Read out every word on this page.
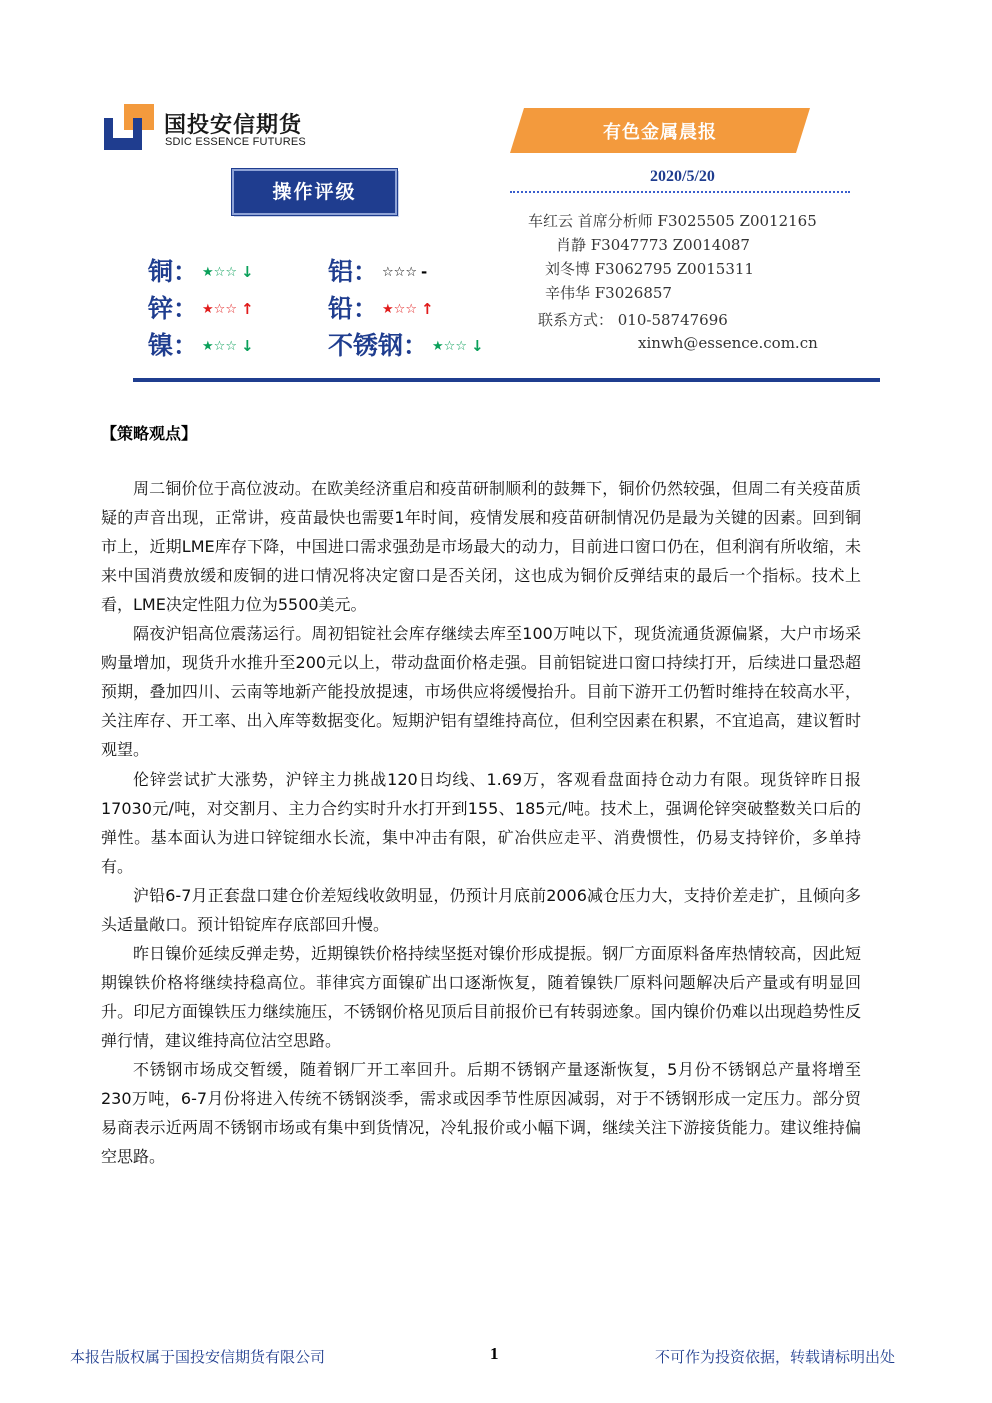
国投安信期货
SDIC ESSENCE FUTURES	有色金属晨报
2020/5/20
操作评级
铜： ★☆☆ ↓	铝： ☆☆☆ -
锌： ★☆☆ ↑	铅： ★☆☆ ↑
镍： ★☆☆ ↓	不锈钢： ★☆☆ ↓
车红云 首席分析师 F3025505 Z0012165
肖静 F3047773 Z0014087
刘冬博 F3062795 Z0015311
辛伟华 F3026857
联系方式： 010-58747696
xinwh@essence.com.cn
【策略观点】
周二铜价位于高位波动。在欧美经济重启和疫苗研制顺利的鼓舞下，铜价仍然较强，但周二有关疫苗质疑的声音出现，正常讲，疫苗最快也需要1年时间，疫情发展和疫苗研制情况仍是最为关键的因素。回到铜市上，近期LME库存下降，中国进口需求强劲是市场最大的动力，目前进口窗口仍在，但利润有所收缩，未来中国消费放缓和废铜的进口情况将决定窗口是否关闭，这也成为铜价反弹结束的最后一个指标。技术上看，LME决定性阻力位为5500美元。
隔夜沪铝高位震荡运行。周初铝锭社会库存继续去库至100万吨以下，现货流通货源偏紧，大户市场采购量增加，现货升水推升至200元以上，带动盘面价格走强。目前铝锭进口窗口持续打开，后续进口量恐超预期，叠加四川、云南等地新产能投放提速，市场供应将缓慢抬升。目前下游开工仍暂时维持在较高水平，关注库存、开工率、出入库等数据变化。短期沪铝有望维持高位，但利空因素在积累，不宜追高，建议暂时观望。
伦锌尝试扩大涨势，沪锌主力挑战120日均线、1.69万，客观看盘面持仓动力有限。现货锌昨日报17030元/吨，对交割月、主力合约实时升水打开到155、185元/吨。技术上，强调伦锌突破整数关口后的弹性。基本面认为进口锌锭细水长流，集中冲击有限，矿冶供应走平、消费惯性，仍易支持锌价，多单持有。
沪铅6-7月正套盘口建仓价差短线收敛明显，仍预计月底前2006减仓压力大，支持价差走扩，且倾向多头适量敞口。预计铅锭库存底部回升慢。
昨日镍价延续反弹走势，近期镍铁价格持续坚挺对镍价形成提振。钢厂方面原料备库热情较高，因此短期镍铁价格将继续持稳高位。菲律宾方面镍矿出口逐渐恢复，随着镍铁厂原料问题解决后产量或有明显回升。印尼方面镍铁压力继续施压，不锈钢价格见顶后目前报价已有转弱迹象。国内镍价仍难以出现趋势性反弹行情，建议维持高位沽空思路。
不锈钢市场成交暂缓，随着钢厂开工率回升。后期不锈钢产量逐渐恢复，5月份不锈钢总产量将增至230万吨，6-7月份将进入传统不锈钢淡季，需求或因季节性原因减弱，对于不锈钢形成一定压力。部分贸易商表示近两周不锈钢市场或有集中到货情况，冷轧报价或小幅下调，继续关注下游接货能力。建议维持偏空思路。
本报告版权属于国投安信期货有限公司	1	不可作为投资依据，转载请标明出处
